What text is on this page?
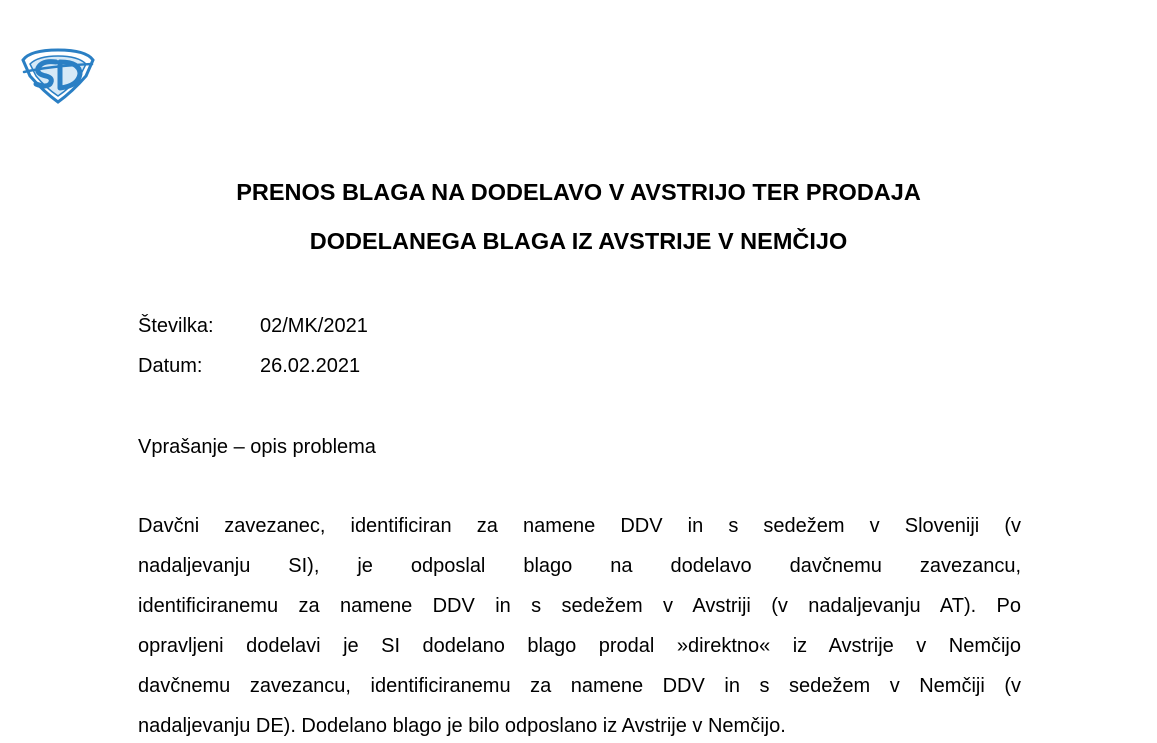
PRENOS BLAGA NA DODELAVO V AVSTRIJO TER PRODAJA
DODELANEGA BLAGA IZ AVSTRIJE V NEMČIJO
Številka: 02/MK/2021
Datum:	26.02.2021
Vprašanje – opis problema
Davčni zavezanec, identificiran za namene DDV in s sedežem v Sloveniji (v
nadaljevanju SI), je odposlal blago na dodelavo davčnemu zavezancu,
identificiranemu za namene DDV in s sedežem v Avstriji (v nadaljevanju AT). Po
opravljeni dodelavi je SI dodelano blago prodal »direktno« iz Avstrije v Nemčijo
davčnemu zavezancu, identificiranemu za namene DDV in s sedežem v Nemčiji (v
nadaljevanju DE). Dodelano blago je bilo odposlano iz Avstrije v Nemčijo.
